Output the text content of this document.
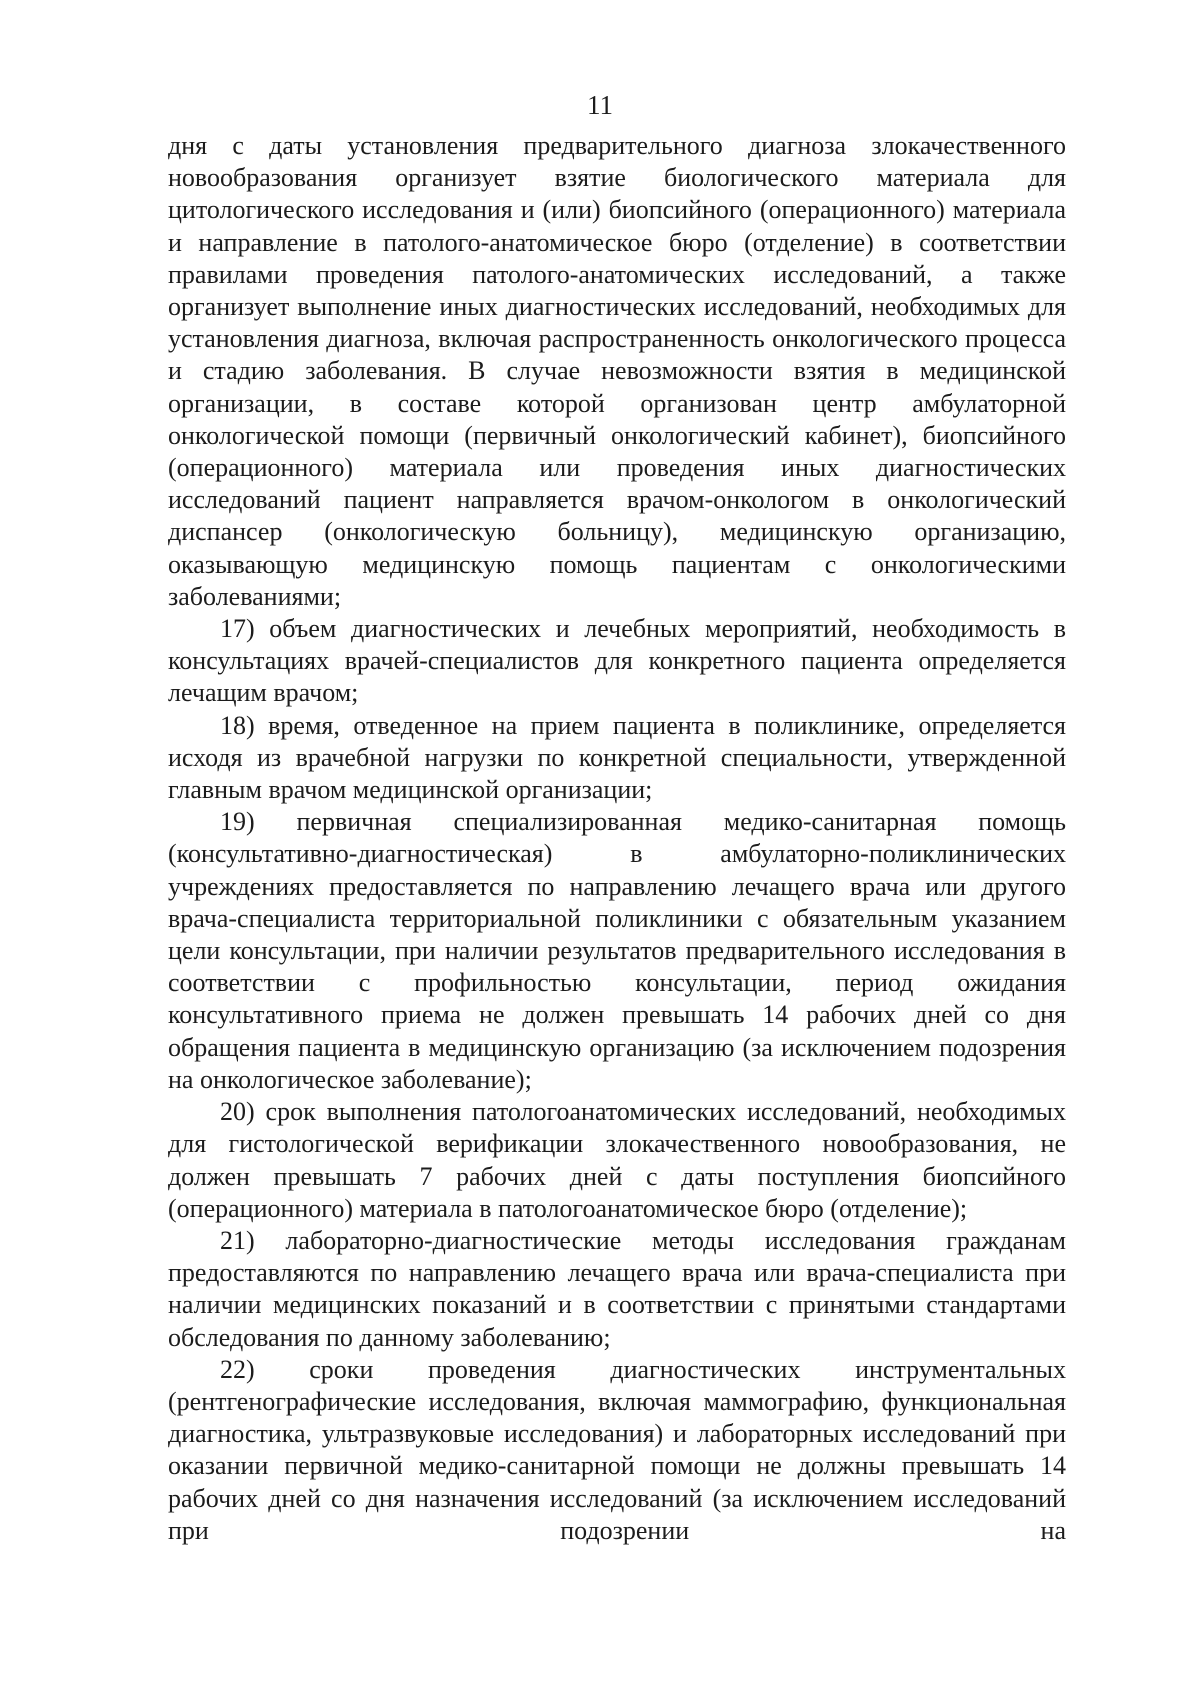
11

дня с даты установления предварительного диагноза злокачественного новообразования организует взятие биологического материала для цитологического исследования и (или) биопсийного (операционного) материала и направление в патолого-анатомическое бюро (отделение) в соответствии правилами проведения патолого-анатомических исследований, а также организует выполнение иных диагностических исследований, необходимых для установления диагноза, включая распространенность онкологического процесса и стадию заболевания. В случае невозможности взятия в медицинской организации, в составе которой организован центр амбулаторной онкологической помощи (первичный онкологический кабинет), биопсийного (операционного) материала или проведения иных диагностических исследований пациент направляется врачом-онкологом в онкологический диспансер (онкологическую больницу), медицинскую организацию, оказывающую медицинскую помощь пациентам с онкологическими заболеваниями;

17) объем диагностических и лечебных мероприятий, необходимость в консультациях врачей-специалистов для конкретного пациента определяется лечащим врачом;

18) время, отведенное на прием пациента в поликлинике, определяется исходя из врачебной нагрузки по конкретной специальности, утвержденной главным врачом медицинской организации;

19) первичная специализированная медико-санитарная помощь (консультативно-диагностическая) в амбулаторно-поликлинических учреждениях предоставляется по направлению лечащего врача или другого врача-специалиста территориальной поликлиники с обязательным указанием цели консультации, при наличии результатов предварительного исследования в соответствии с профильностью консультации, период ожидания консультативного приема не должен превышать 14 рабочих дней со дня обращения пациента в медицинскую организацию (за исключением подозрения на онкологическое заболевание);

20) срок выполнения патологоанатомических исследований, необходимых для гистологической верификации злокачественного новообразования, не должен превышать 7 рабочих дней с даты поступления биопсийного (операционного) материала в патологоанатомическое бюро (отделение);

21) лабораторно-диагностические методы исследования гражданам предоставляются по направлению лечащего врача или врача-специалиста при наличии медицинских показаний и в соответствии с принятыми стандартами обследования по данному заболеванию;

22) сроки проведения диагностических инструментальных (рентгенографические исследования, включая маммографию, функциональная диагностика, ультразвуковые исследования) и лабораторных исследований при оказании первичной медико-санитарной помощи не должны превышать 14 рабочих дней со дня назначения исследований (за исключением исследований при подозрении на
